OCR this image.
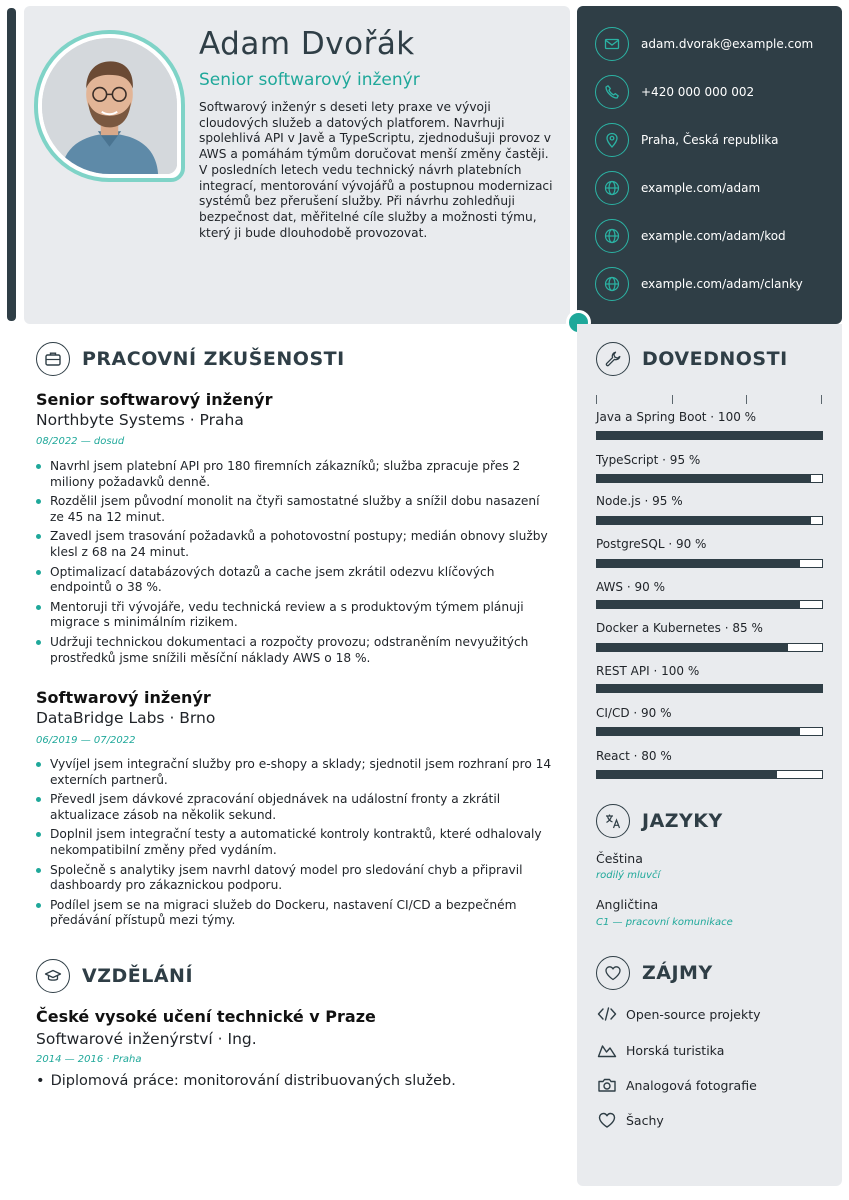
Adam Dvořák
Senior softwarový inženýr
Softwarový inženýr s deseti lety praxe ve vývoji cloudových služeb a datových platforem. Navrhuji spolehlivá API v Javě a TypeScriptu, zjednodušuji provoz v AWS a pomáhám týmům doručovat menší změny častěji. V posledních letech vedu technický návrh platebních integrací, mentorování vývojářů a postupnou modernizaci systémů bez přerušení služby. Při návrhu zohledňuji bezpečnost dat, měřitelné cíle služby a možnosti týmu, který ji bude dlouhodobě provozovat.
adam.dvorak@example.com
+420 000 000 002
Praha, Česká republika
example.com/adam
example.com/adam/kod
example.com/adam/clanky
PRACOVNÍ ZKUŠENOSTI
Senior softwarový inženýr
Northbyte Systems · Praha
08/2022 — dosud
Navrhl jsem platební API pro 180 firemních zákazníků; služba zpracuje přes 2 miliony požadavků denně.
Rozdělil jsem původní monolit na čtyři samostatné služby a snížil dobu nasazení ze 45 na 12 minut.
Zavedl jsem trasování požadavků a pohotovostní postupy; medián obnovy služby klesl z 68 na 24 minut.
Optimalizací databázových dotazů a cache jsem zkrátil odezvu klíčových endpointů o 38 %.
Mentoruji tři vývojáře, vedu technická review a s produktovým týmem plánuji migrace s minimálním rizikem.
Udržuji technickou dokumentaci a rozpočty provozu; odstraněním nevyužitých prostředků jsme snížili měsíční náklady AWS o 18 %.
Softwarový inženýr
DataBridge Labs · Brno
06/2019 — 07/2022
Vyvíjel jsem integrační služby pro e-shopy a sklady; sjednotil jsem rozhraní pro 14 externích partnerů.
Převedl jsem dávkové zpracování objednávek na událostní fronty a zkrátil aktualizace zásob na několik sekund.
Doplnil jsem integrační testy a automatické kontroly kontraktů, které odhalovaly nekompatibilní změny před vydáním.
Společně s analytiky jsem navrhl datový model pro sledování chyb a připravil dashboardy pro zákaznickou podporu.
Podílel jsem se na migraci služeb do Dockeru, nastavení CI/CD a bezpečném předávání přístupů mezi týmy.
VZDĚLÁNÍ
České vysoké učení technické v Praze
Softwarové inženýrství · Ing.
2014 — 2016 · Praha
• Diplomová práce: monitorování distribuovaných služeb.
DOVEDNOSTI
Java a Spring Boot · 100 %
TypeScript · 95 %
Node.js · 95 %
PostgreSQL · 90 %
AWS · 90 %
Docker a Kubernetes · 85 %
REST API · 100 %
CI/CD · 90 %
React · 80 %
JAZYKY
Čeština
rodilý mluvčí
Angličtina
C1 — pracovní komunikace
ZÁJMY
Open-source projekty
Horská turistika
Analogová fotografie
Šachy
